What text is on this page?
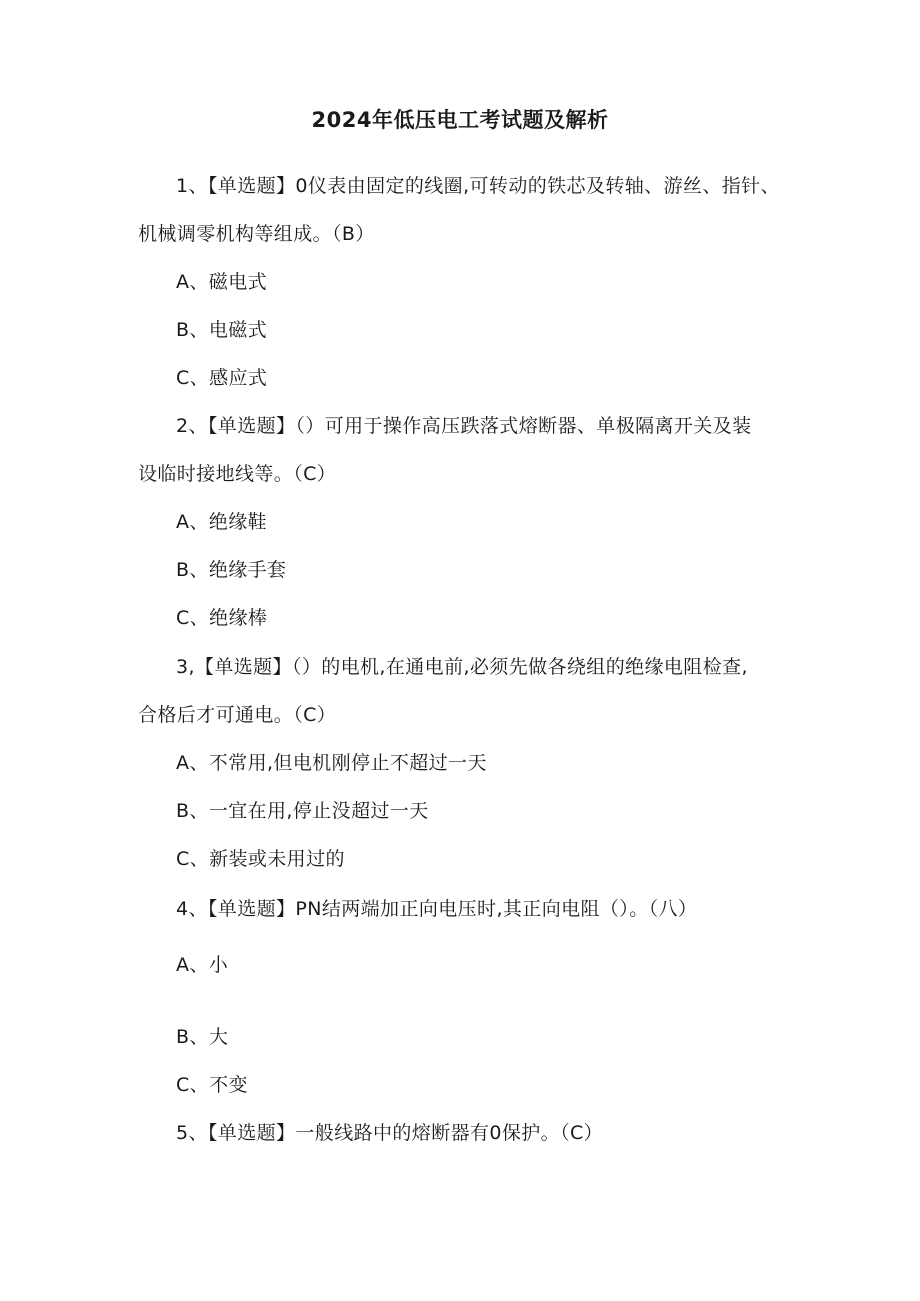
2024年低压电工考试题及解析
1、【单选题】0仪表由固定的线圈,可转动的铁芯及转轴、游丝、指针、
机械调零机构等组成。（B）
A、磁电式
B、电磁式
C、感应式
2、【单选题】（）可用于操作高压跌落式熔断器、单极隔离开关及装
设临时接地线等。（C）
A、绝缘鞋
B、绝缘手套
C、绝缘棒
3,【单选题】（）的电机,在通电前,必须先做各绕组的绝缘电阻检查,
合格后才可通电。（C）
A、不常用,但电机刚停止不超过一天
B、一宜在用,停止没超过一天
C、新装或未用过的
4、【单选题】PN结两端加正向电压时,其正向电阻（）。（八）
A、小
B、大
C、不变
5、【单选题】一般线路中的熔断器有0保护。（C）
